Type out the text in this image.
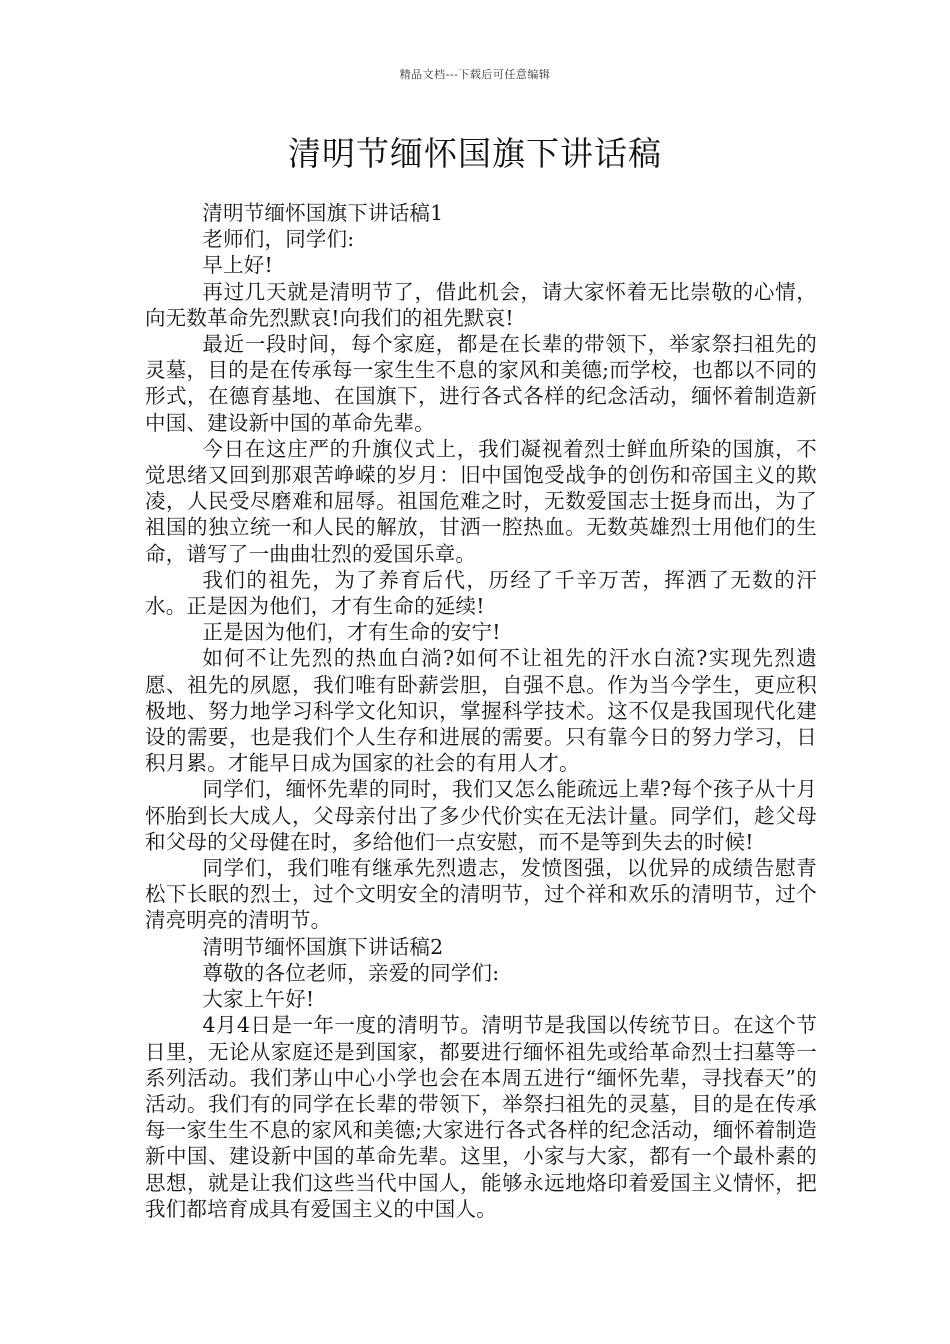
精品文档---下载后可任意编辑
清明节缅怀国旗下讲话稿

清明节缅怀国旗下讲话稿1

老师们，同学们:

早上好!

再过几天就是清明节了，借此机会，请大家怀着无比崇敬的心情，向无数革命先烈默哀!向我们的祖先默哀!

最近一段时间，每个家庭，都是在长辈的带领下，举家祭扫祖先的灵墓，目的是在传承每一家生生不息的家风和美德;而学校，也都以不同的形式，在德育基地、在国旗下，进行各式各样的纪念活动，缅怀着制造新中国、建设新中国的革命先辈。

今日在这庄严的升旗仪式上，我们凝视着烈士鲜血所染的国旗，不觉思绪又回到那艰苦峥嵘的岁月：旧中国饱受战争的创伤和帝国主义的欺凌，人民受尽磨难和屈辱。祖国危难之时，无数爱国志士挺身而出，为了祖国的独立统一和人民的解放，甘洒一腔热血。无数英雄烈士用他们的生命，谱写了一曲曲壮烈的爱国乐章。

我们的祖先，为了养育后代，历经了千辛万苦，挥洒了无数的汗水。正是因为他们，才有生命的延续!

正是因为他们，才有生命的安宁!

如何不让先烈的热血白淌?如何不让祖先的汗水白流?实现先烈遗愿、祖先的夙愿，我们唯有卧薪尝胆，自强不息。作为当今学生，更应积极地、努力地学习科学文化知识，掌握科学技术。这不仅是我国现代化建设的需要，也是我们个人生存和进展的需要。只有靠今日的努力学习，日积月累。才能早日成为国家的社会的有用人才。

同学们，缅怀先辈的同时，我们又怎么能疏远上辈?每个孩子从十月怀胎到长大成人，父母亲付出了多少代价实在无法计量。同学们，趁父母和父母的父母健在时，多给他们一点安慰，而不是等到失去的时候!

同学们，我们唯有继承先烈遗志，发愤图强，以优异的成绩告慰青松下长眠的烈士，过个文明安全的清明节，过个祥和欢乐的清明节，过个清亮明亮的清明节。

清明节缅怀国旗下讲话稿2

尊敬的各位老师，亲爱的同学们:

大家上午好!

4月4日是一年一度的清明节。清明节是我国以传统节日。在这个节日里，无论从家庭还是到国家，都要进行缅怀祖先或给革命烈士扫墓等一系列活动。我们茅山中心小学也会在本周五进行“缅怀先辈，寻找春天”的活动。我们有的同学在长辈的带领下，举祭扫祖先的灵墓，目的是在传承每一家生生不息的家风和美德;大家进行各式各样的纪念活动，缅怀着制造新中国、建设新中国的革命先辈。这里，小家与大家，都有一个最朴素的思想，就是让我们这些当代中国人，能够永远地烙印着爱国主义情怀，把我们都培育成具有爱国主义的中国人。
